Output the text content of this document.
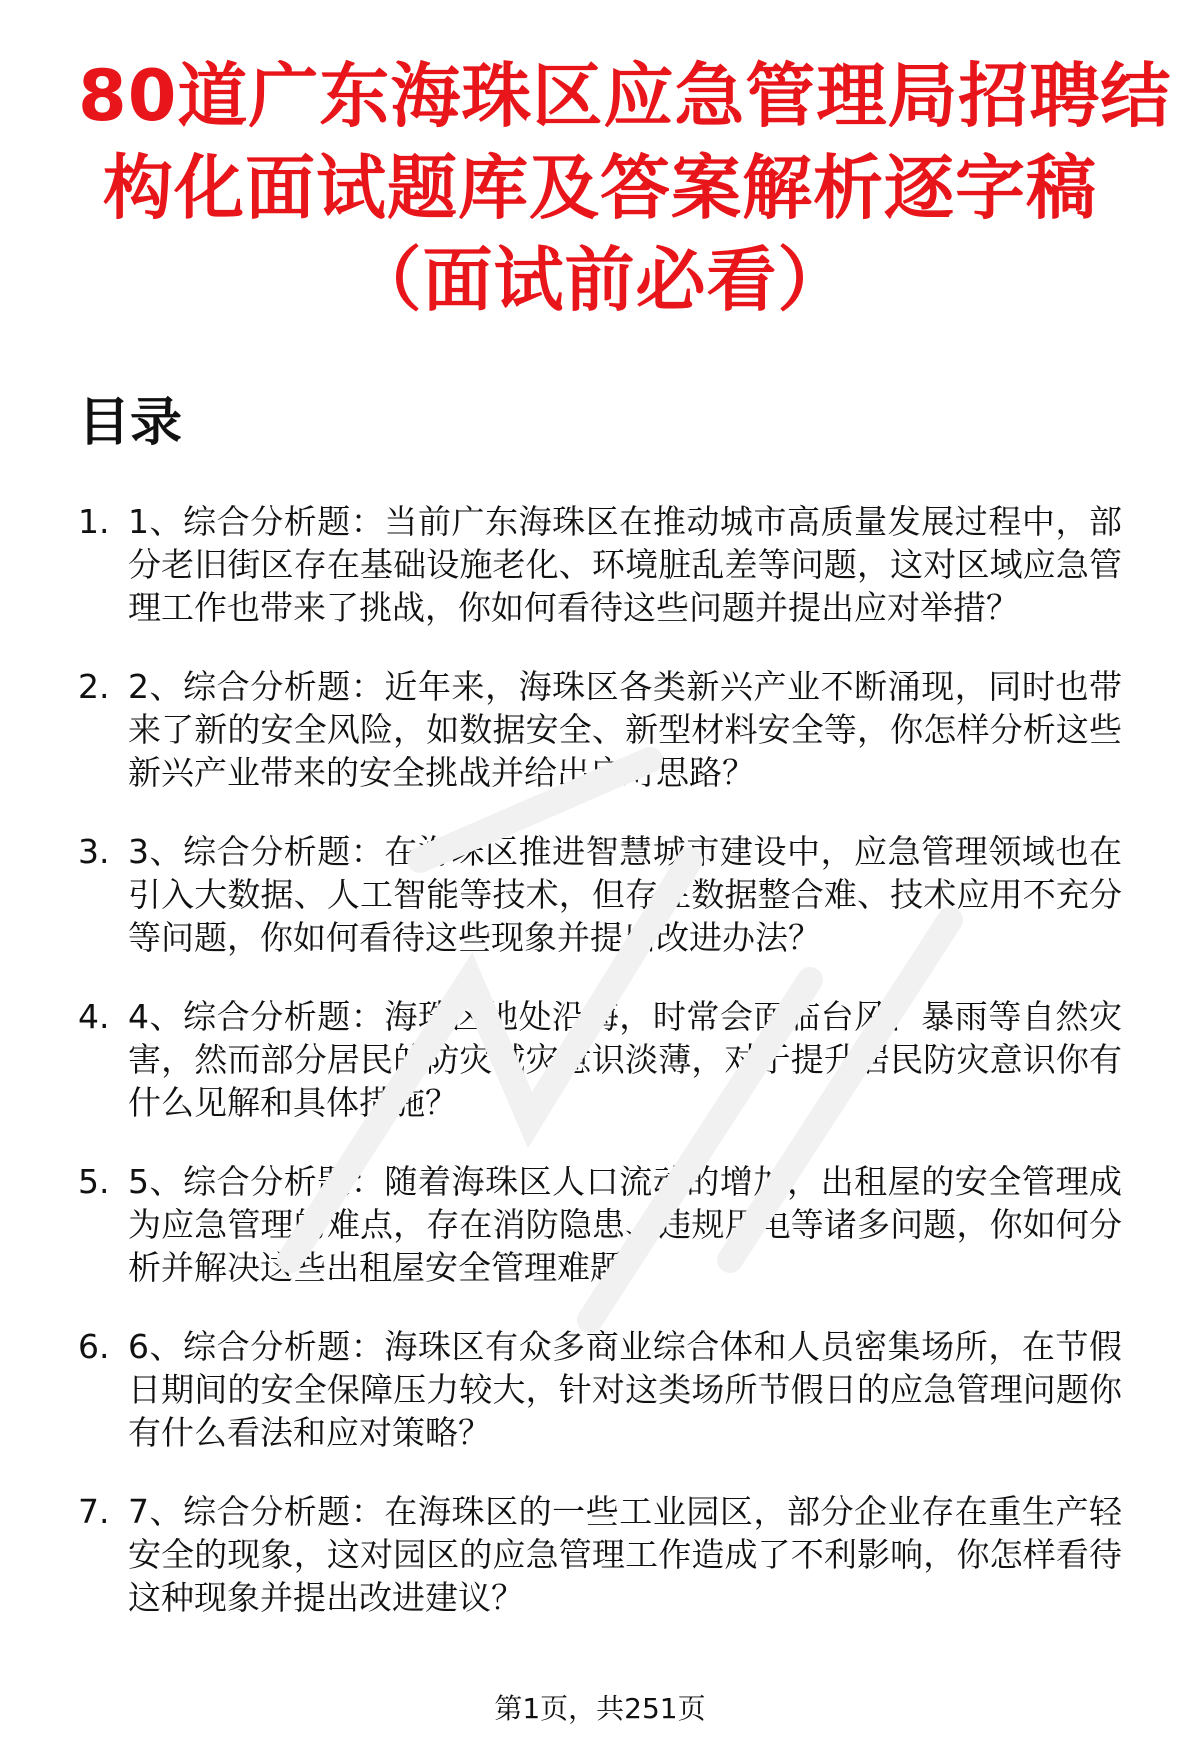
80道广东海珠区应急管理局招聘结
构化面试题库及答案解析逐字稿
（面试前必看）
目录
1. 1、综合分析题：当前广东海珠区在推动城市高质量发展过程中，部分老旧街区存在基础设施老化、环境脏乱差等问题，这对区域应急管理工作也带来了挑战，你如何看待这些问题并提出应对举措？
2. 2、综合分析题：近年来，海珠区各类新兴产业不断涌现，同时也带来了新的安全风险，如数据安全、新型材料安全等，你怎样分析这些新兴产业带来的安全挑战并给出应对思路？
3. 3、综合分析题：在海珠区推进智慧城市建设中，应急管理领域也在引入大数据、人工智能等技术，但存在数据整合难、技术应用不充分等问题，你如何看待这些现象并提出改进办法？
4. 4、综合分析题：海珠区地处沿海，时常会面临台风、暴雨等自然灾害，然而部分居民的防灾减灾意识淡薄，对于提升居民防灾意识你有什么见解和具体措施？
5. 5、综合分析题：随着海珠区人口流动的增加，出租屋的安全管理成为应急管理的难点，存在消防隐患、违规用电等诸多问题，你如何分析并解决这些出租屋安全管理难题？
6. 6、综合分析题：海珠区有众多商业综合体和人员密集场所，在节假日期间的安全保障压力较大，针对这类场所节假日的应急管理问题你有什么看法和应对策略？
7. 7、综合分析题：在海珠区的一些工业园区，部分企业存在重生产轻安全的现象，这对园区的应急管理工作造成了不利影响，你怎样看待这种现象并提出改进建议？
第1页，共251页
